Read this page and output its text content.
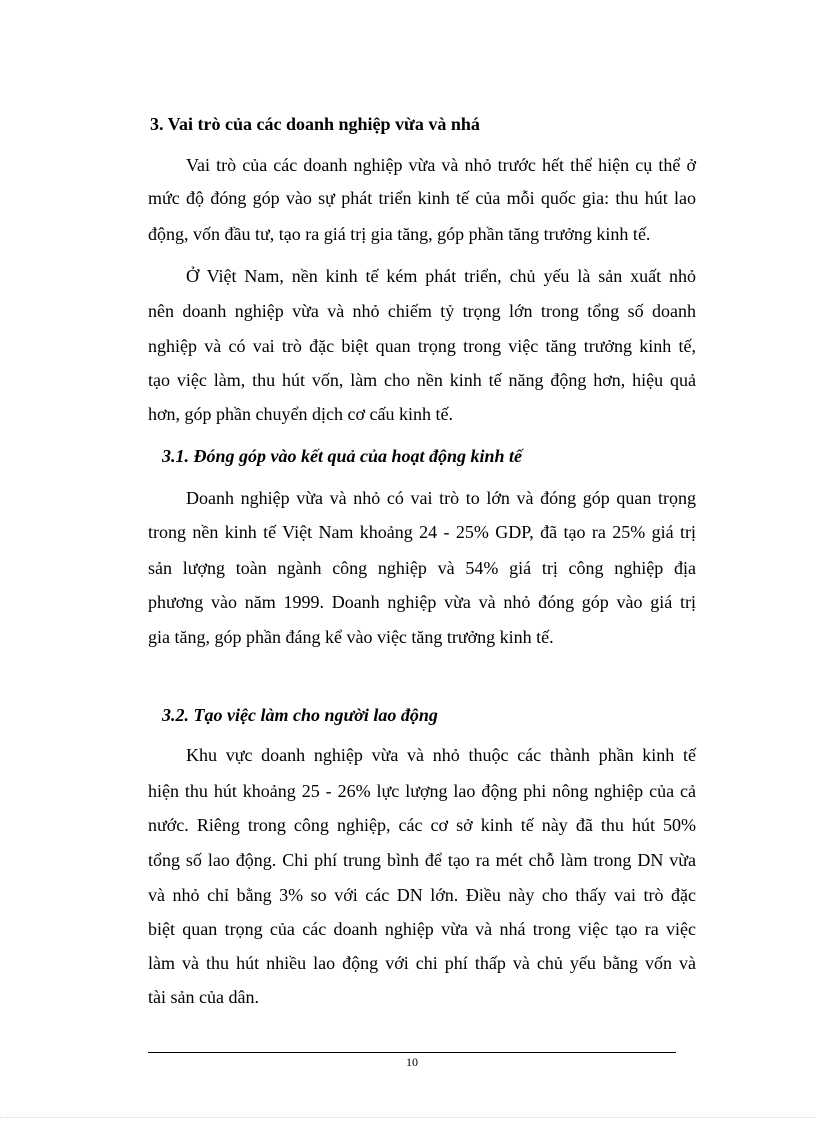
3. Vai trò của các doanh nghiệp vừa và nhá

Vai trò của các doanh nghiệp vừa và nhỏ trước hết thể hiện cụ thể ở

mức độ đóng góp vào sự phát triển kinh tế của mỗi quốc gia: thu hút lao

động, vốn đầu tư, tạo ra giá trị gia tăng, góp phần tăng trưởng kinh tế.

Ở Việt Nam, nền kinh tế kém phát triển, chủ yếu là sản xuất nhỏ

nên doanh nghiệp vừa và nhỏ chiếm tỷ trọng lớn trong tổng số doanh

nghiệp và có vai trò đặc biệt quan trọng trong việc tăng trưởng kinh tế,

tạo việc làm, thu hút vốn, làm cho nền kinh tế năng động hơn, hiệu quả

hơn, góp phần chuyển dịch cơ cấu kinh tế.

3.1. Đóng góp vào kết quả của hoạt động kinh tế

Doanh nghiệp vừa và nhỏ có vai trò to lớn và đóng góp quan trọng

trong nền kinh tế Việt Nam khoảng 24 - 25% GDP, đã tạo ra 25% giá trị

sản lượng toàn ngành công nghiệp và 54% giá trị công nghiệp địa

phương vào năm 1999. Doanh nghiệp vừa và nhỏ đóng góp vào giá trị

gia tăng, góp phần đáng kể vào việc tăng trưởng kinh tế.

3.2. Tạo việc làm cho người lao động

Khu vực doanh nghiệp vừa và nhỏ thuộc các thành phần kinh tế

hiện thu hút khoảng 25 - 26% lực lượng lao động phi nông nghiệp của cả

nước. Riêng trong công nghiệp, các cơ sở kinh tế này đã thu hút 50%

tổng số lao động. Chi phí trung bình để tạo ra mét chỗ làm trong DN vừa

và nhỏ chỉ bằng 3% so với các DN lớn. Điều này cho thấy vai trò đặc

biệt quan trọng của các doanh nghiệp vừa và nhá trong việc tạo ra việc

làm và thu hút nhiều lao động với chi phí thấp và chủ yếu bằng vốn và

tài sản của dân.

10
